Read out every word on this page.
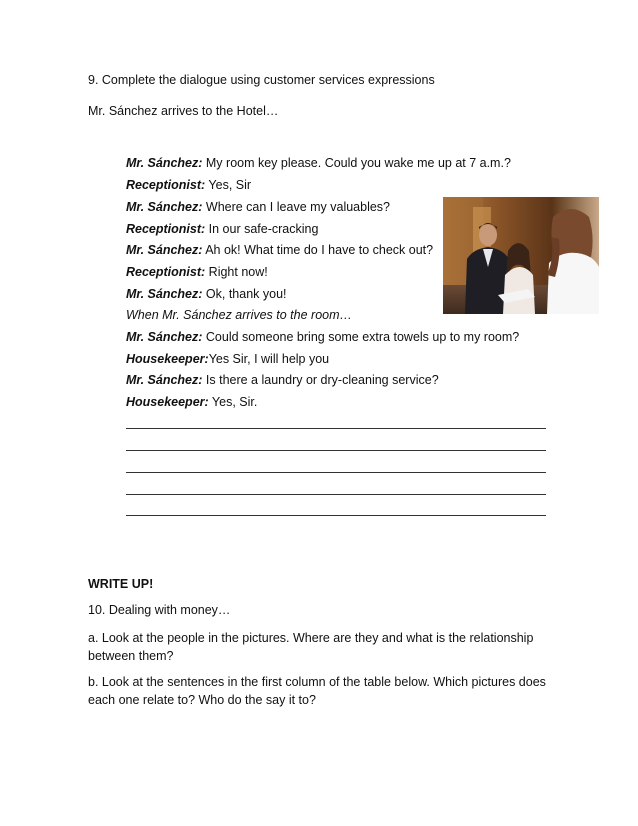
9. Complete the dialogue using customer services expressions
Mr. Sánchez arrives to the Hotel…
Mr. Sánchez: My room key please. Could you wake me up at 7 a.m.?
Receptionist: Yes, Sir
Mr. Sánchez: Where can I leave my valuables?
Receptionist: In our safe-cracking
Mr. Sánchez: Ah ok! What time do I have to check out?
Receptionist: Right now!
Mr. Sánchez: Ok, thank you!
When Mr. Sánchez arrives to the room…
Mr. Sánchez: Could someone bring some extra towels up to my room?
Housekeeper:Yes Sir, I will help you
Mr. Sánchez: Is there a laundry or dry-cleaning service?
Housekeeper: Yes, Sir.
WRITE UP!
10. Dealing with money…
a. Look at the people in the pictures. Where are they and what is the relationship between them?
b. Look at the sentences in the first column of the table below. Which pictures does each one relate to? Who do the say it to?
